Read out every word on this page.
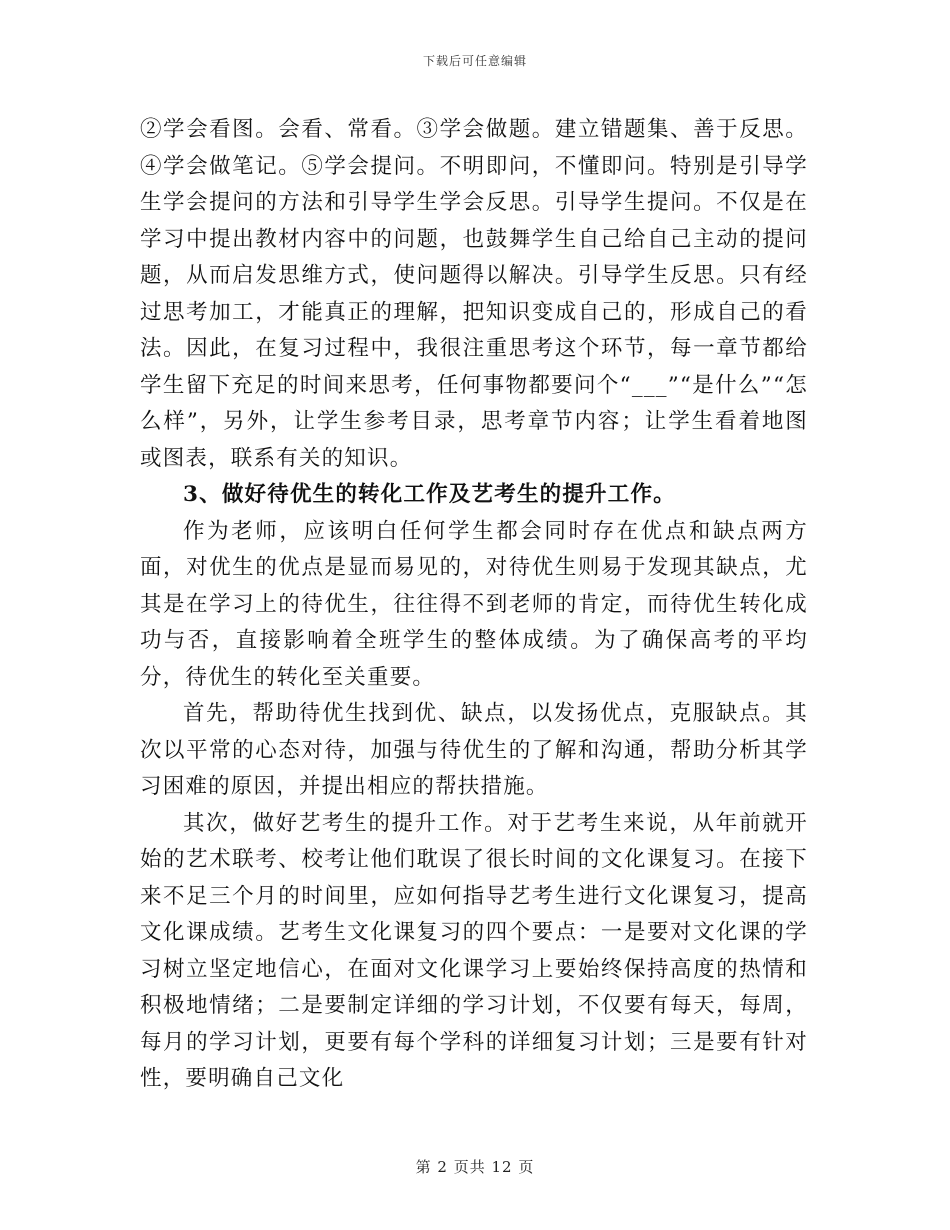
下载后可任意编辑

②学会看图。会看、常看。③学会做题。建立错题集、善于反思。④学会做笔记。⑤学会提问。不明即问，不懂即问。特别是引导学生学会提问的方法和引导学生学会反思。引导学生提问。不仅是在学习中提出教材内容中的问题，也鼓舞学生自己给自己主动的提问题，从而启发思维方式，使问题得以解决。引导学生反思。只有经过思考加工，才能真正的理解，把知识变成自己的，形成自己的看法。因此，在复习过程中，我很注重思考这个环节，每一章节都给学生留下充足的时间来思考，任何事物都要问个“___”“是什么”“怎么样”，另外，让学生参考目录，思考章节内容；让学生看着地图或图表，联系有关的知识。

3、做好待优生的转化工作及艺考生的提升工作。

作为老师，应该明白任何学生都会同时存在优点和缺点两方面，对优生的优点是显而易见的，对待优生则易于发现其缺点，尤其是在学习上的待优生，往往得不到老师的肯定，而待优生转化成功与否，直接影响着全班学生的整体成绩。为了确保高考的平均分，待优生的转化至关重要。

首先，帮助待优生找到优、缺点，以发扬优点，克服缺点。其次以平常的心态对待，加强与待优生的了解和沟通，帮助分析其学习困难的原因，并提出相应的帮扶措施。

其次，做好艺考生的提升工作。对于艺考生来说，从年前就开始的艺术联考、校考让他们耽误了很长时间的文化课复习。在接下来不足三个月的时间里，应如何指导艺考生进行文化课复习，提高文化课成绩。艺考生文化课复习的四个要点：一是要对文化课的学习树立坚定地信心，在面对文化课学习上要始终保持高度的热情和积极地情绪；二是要制定详细的学习计划，不仅要有每天，每周，每月的学习计划，更要有每个学科的详细复习计划；三是要有针对性，要明确自己文化

第 2 页共 12 页
